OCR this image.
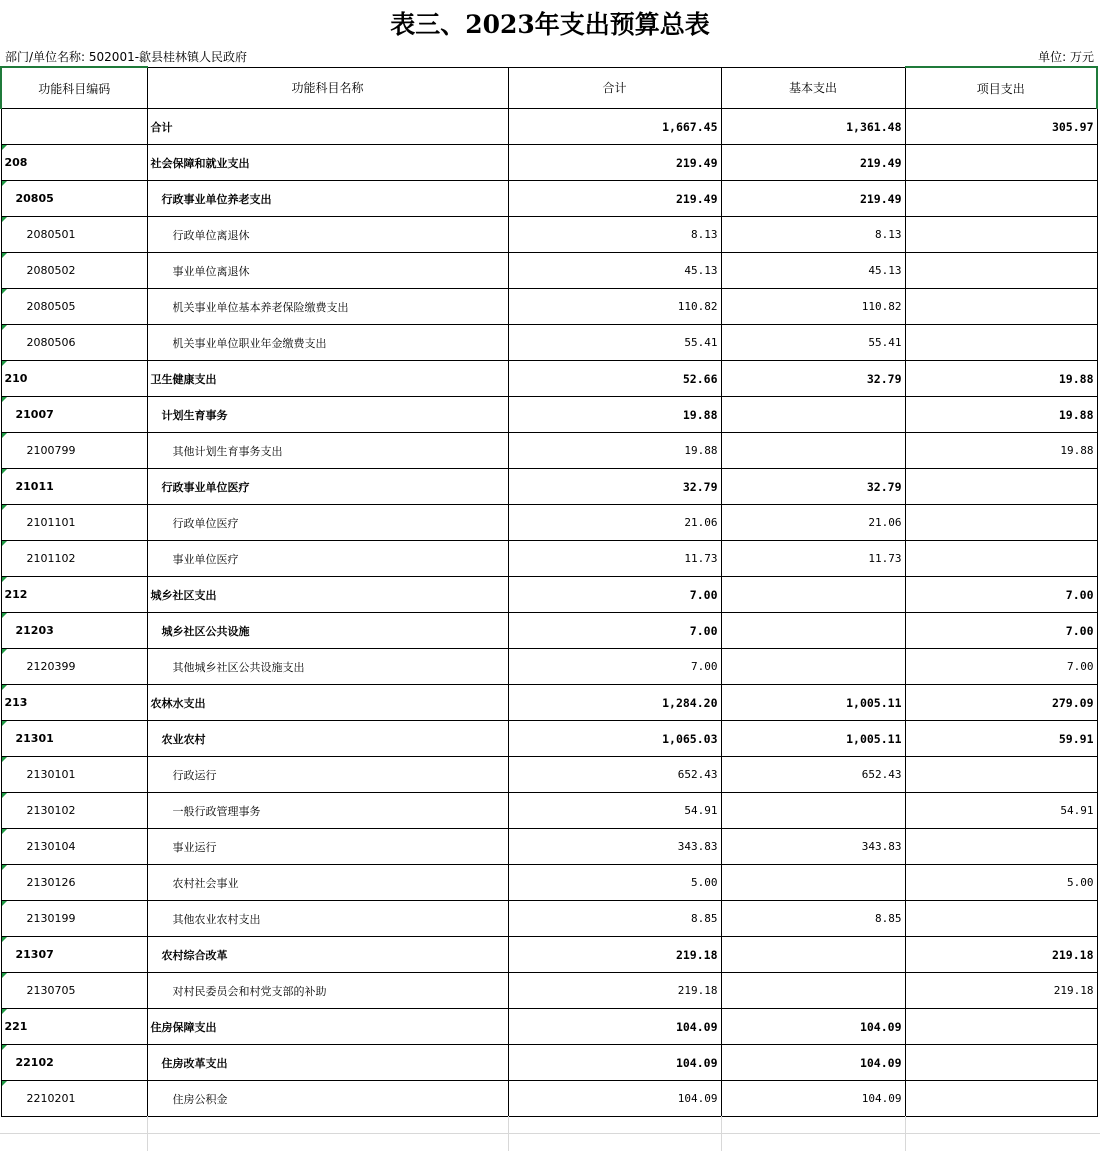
表三、2023年支出预算总表
部门/单位名称: 502001-歙县桂林镇人民政府	单位: 万元
功能科目编码	功能科目名称	合计	基本支出	项目支出
	合计	1,667.45	1,361.48	305.97
208	社会保障和就业支出	219.49	219.49	
20805	行政事业单位养老支出	219.49	219.49	
2080501	行政单位离退休	8.13	8.13	
2080502	事业单位离退休	45.13	45.13	
2080505	机关事业单位基本养老保险缴费支出	110.82	110.82	
2080506	机关事业单位职业年金缴费支出	55.41	55.41	
210	卫生健康支出	52.66	32.79	19.88
21007	计划生育事务	19.88		19.88
2100799	其他计划生育事务支出	19.88		19.88
21011	行政事业单位医疗	32.79	32.79	
2101101	行政单位医疗	21.06	21.06	
2101102	事业单位医疗	11.73	11.73	
212	城乡社区支出	7.00		7.00
21203	城乡社区公共设施	7.00		7.00
2120399	其他城乡社区公共设施支出	7.00		7.00
213	农林水支出	1,284.20	1,005.11	279.09
21301	农业农村	1,065.03	1,005.11	59.91
2130101	行政运行	652.43	652.43	
2130102	一般行政管理事务	54.91		54.91
2130104	事业运行	343.83	343.83	
2130126	农村社会事业	5.00		5.00
2130199	其他农业农村支出	8.85	8.85	
21307	农村综合改革	219.18		219.18
2130705	对村民委员会和村党支部的补助	219.18		219.18
221	住房保障支出	104.09	104.09	
22102	住房改革支出	104.09	104.09	
2210201	住房公积金	104.09	104.09	
